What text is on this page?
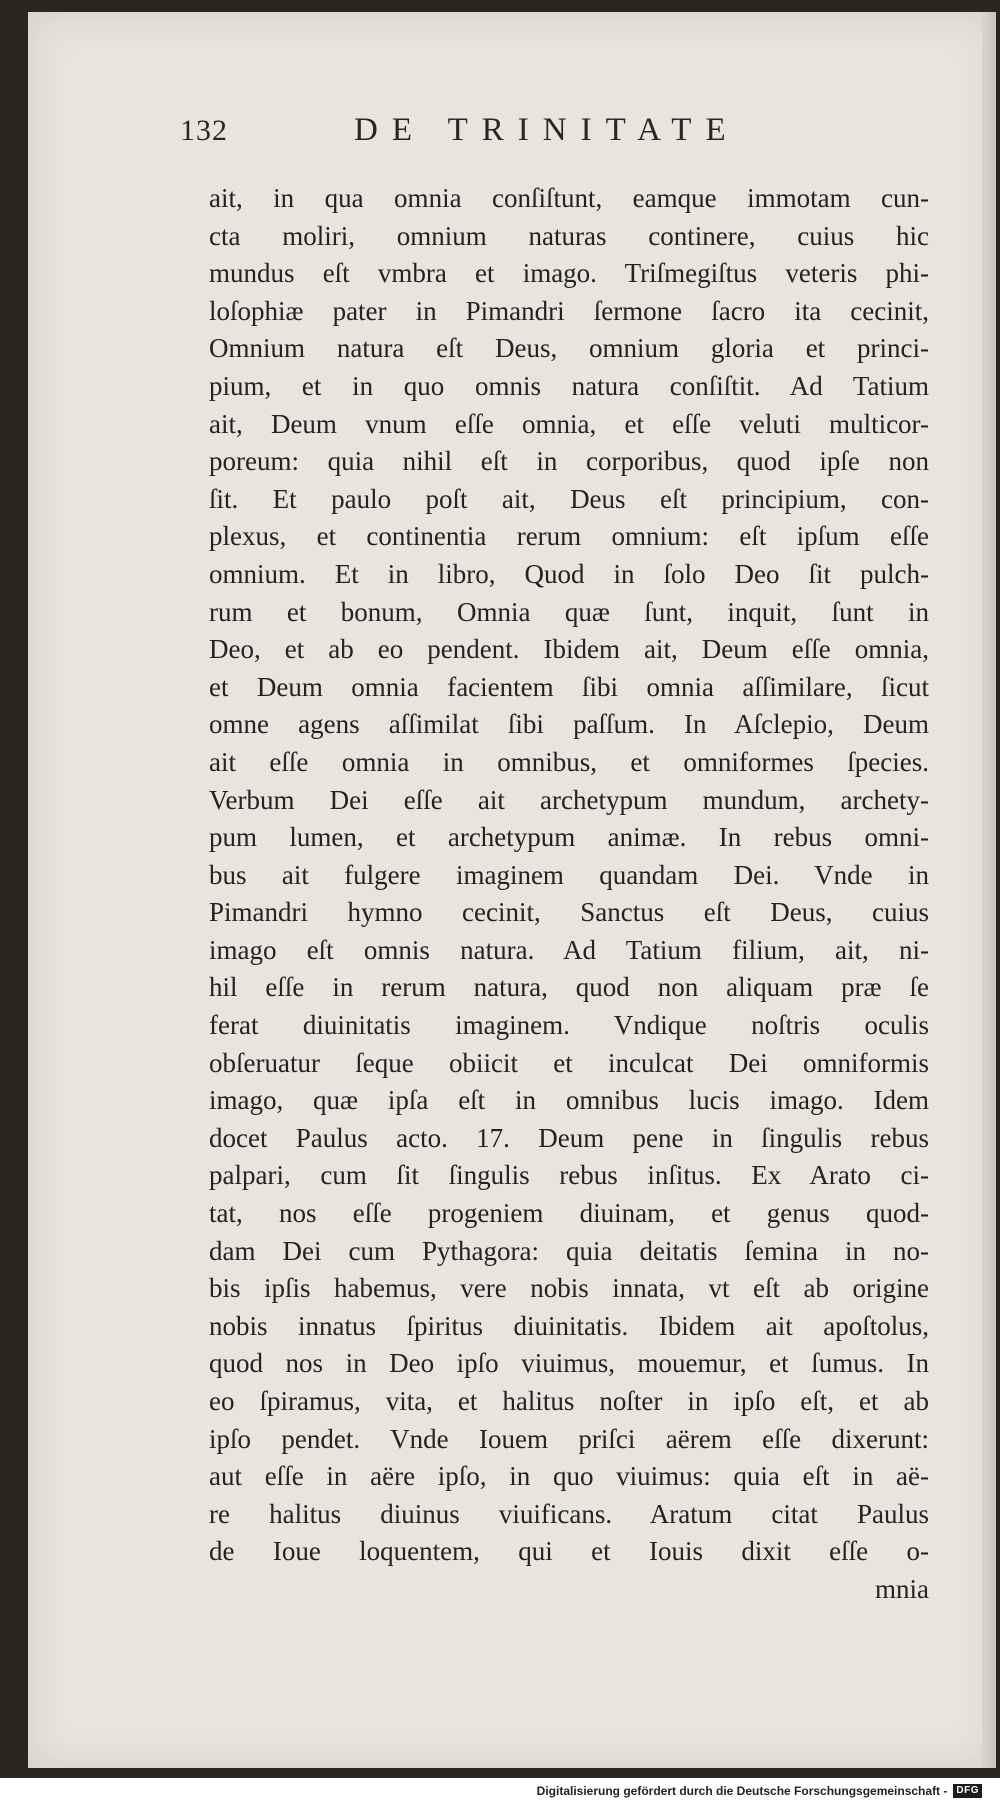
132	DE TRINITATE
ait, in qua omnia conſiſtunt, eamque immotam cun-
cta moliri, omnium naturas continere, cuius hic
mundus eſt vmbra et imago. Triſmegiſtus veteris phi-
loſophiæ pater in Pimandri ſermone ſacro ita cecinit,
Omnium natura eſt Deus, omnium gloria et princi-
pium, et in quo omnis natura conſiſtit. Ad Tatium
ait, Deum vnum eſſe omnia, et eſſe veluti multicor-
poreum: quia nihil eſt in corporibus, quod ipſe non
ſit. Et paulo poſt ait, Deus eſt principium, con-
plexus, et continentia rerum omnium: eſt ipſum eſſe
omnium. Et in libro, Quod in ſolo Deo ſit pulch-
rum et bonum, Omnia quæ ſunt, inquit, ſunt in
Deo, et ab eo pendent. Ibidem ait, Deum eſſe omnia,
et Deum omnia facientem ſibi omnia aſſimilare, ſicut
omne agens aſſimilat ſibi paſſum. In Aſclepio, Deum
ait eſſe omnia in omnibus, et omniformes ſpecies.
Verbum Dei eſſe ait archetypum mundum, archety-
pum lumen, et archetypum animæ. In rebus omni-
bus ait fulgere imaginem quandam Dei. Vnde in
Pimandri hymno cecinit, Sanctus eſt Deus, cuius
imago eſt omnis natura. Ad Tatium filium, ait, ni-
hil eſſe in rerum natura, quod non aliquam præ ſe
ferat diuinitatis imaginem. Vndique noſtris oculis
obſeruatur ſeque obiicit et inculcat Dei omniformis
imago, quæ ipſa eſt in omnibus lucis imago. Idem
docet Paulus acto. 17. Deum pene in ſingulis rebus
palpari, cum ſit ſingulis rebus inſitus. Ex Arato ci-
tat, nos eſſe progeniem diuinam, et genus quod-
dam Dei cum Pythagora: quia deitatis ſemina in no-
bis ipſis habemus, vere nobis innata, vt eſt ab origine
nobis innatus ſpiritus diuinitatis. Ibidem ait apoſtolus,
quod nos in Deo ipſo viuimus, mouemur, et ſumus. In
eo ſpiramus, vita, et halitus noſter in ipſo eſt, et ab
ipſo pendet. Vnde Iouem priſci aërem eſſe dixerunt:
aut eſſe in aëre ipſo, in quo viuimus: quia eſt in aë-
re halitus diuinus viuificans. Aratum citat Paulus
de Ioue loquentem, qui et Iouis dixit eſſe o-
mnia
Digitalisierung gefördert durch die Deutsche Forschungsgemeinschaft - DFG
